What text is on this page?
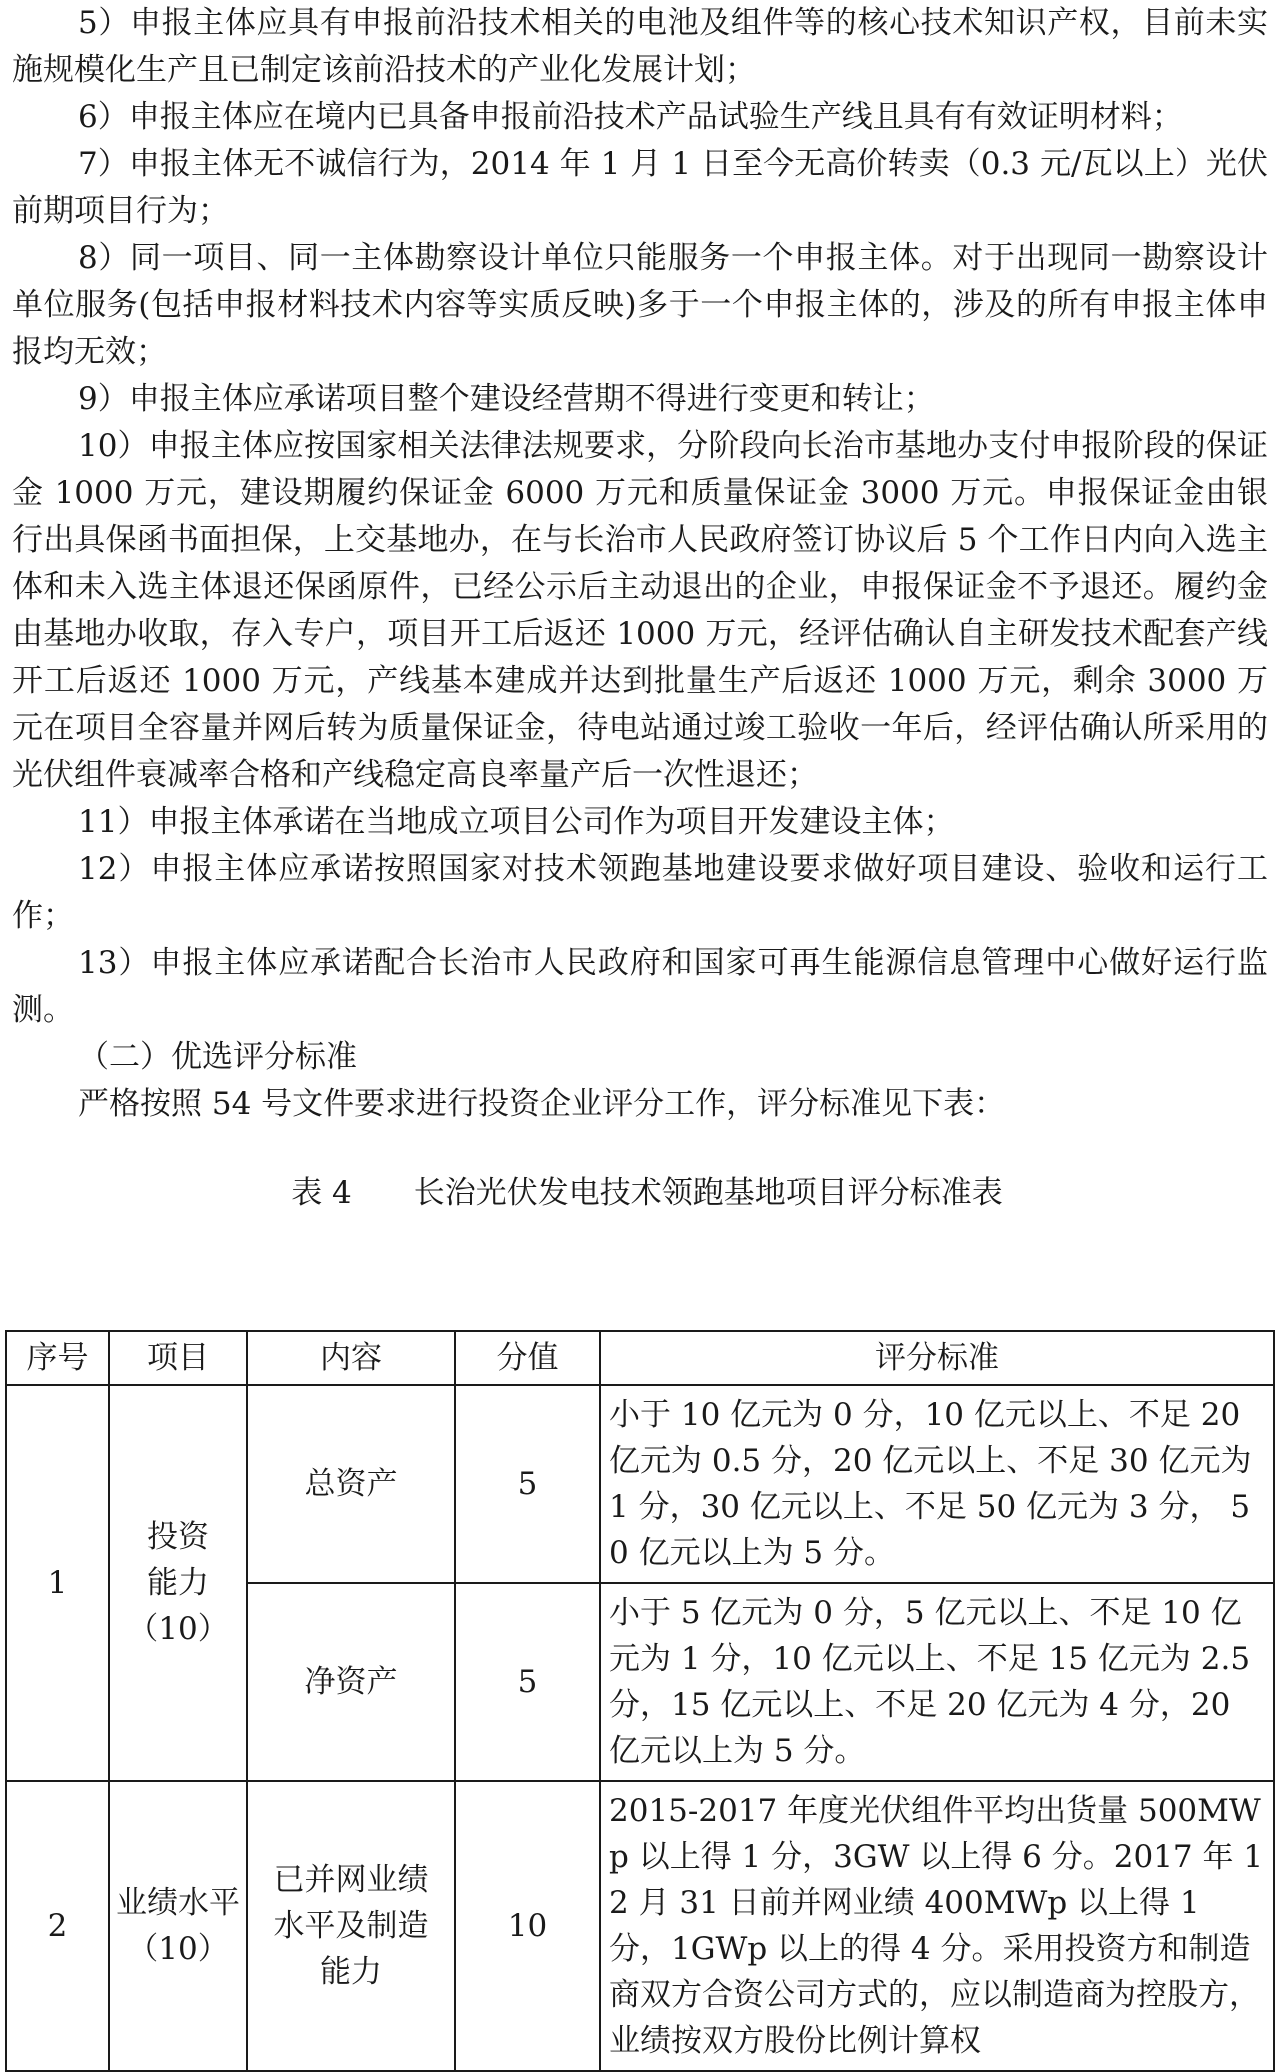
5）申报主体应具有申报前沿技术相关的电池及组件等的核心技术知识产权，目前未实施规模化生产且已制定该前沿技术的产业化发展计划；

6）申报主体应在境内已具备申报前沿技术产品试验生产线且具有有效证明材料；

7）申报主体无不诚信行为，2014 年 1 月 1 日至今无高价转卖（0.3 元/瓦以上）光伏前期项目行为；

8）同一项目、同一主体勘察设计单位只能服务一个申报主体。对于出现同一勘察设计单位服务(包括申报材料技术内容等实质反映)多于一个申报主体的，涉及的所有申报主体申报均无效；

9）申报主体应承诺项目整个建设经营期不得进行变更和转让；

10）申报主体应按国家相关法律法规要求，分阶段向长治市基地办支付申报阶段的保证金 1000 万元，建设期履约保证金 6000 万元和质量保证金 3000 万元。申报保证金由银行出具保函书面担保，上交基地办，在与长治市人民政府签订协议后 5 个工作日内向入选主体和未入选主体退还保函原件，已经公示后主动退出的企业，申报保证金不予退还。履约金由基地办收取，存入专户，项目开工后返还 1000 万元，经评估确认自主研发技术配套产线开工后返还 1000 万元，产线基本建成并达到批量生产后返还 1000 万元，剩余 3000 万元在项目全容量并网后转为质量保证金，待电站通过竣工验收一年后，经评估确认所采用的光伏组件衰减率合格和产线稳定高良率量产后一次性退还；

11）申报主体承诺在当地成立项目公司作为项目开发建设主体；

12）申报主体应承诺按照国家对技术领跑基地建设要求做好项目建设、验收和运行工作；

13）申报主体应承诺配合长治市人民政府和国家可再生能源信息管理中心做好运行监测。

（二）优选评分标准

严格按照 54 号文件要求进行投资企业评分工作，评分标准见下表：

表 4 长治光伏发电技术领跑基地项目评分标准表

序号	项目	内容	分值	评分标准
1	投资
能力
（10）	总资产	5	小于 10 亿元为 0 分，10 亿元以上、不足 20 亿元为 0.5 分，20 亿元以上、不足 30 亿元为 1 分，30 亿元以上、不足 50 亿元为 3 分， 50 亿元以上为 5 分。
		净资产	5	小于 5 亿元为 0 分，5 亿元以上、不足 10 亿元为 1 分，10 亿元以上、不足 15 亿元为 2.5 分，15 亿元以上、不足 20 亿元为 4 分，20 亿元以上为 5 分。
2	业绩水平
（10）	已并网业绩
水平及制造
能力	10	2015-2017 年度光伏组件平均出货量 500MWp 以上得 1 分，3GW 以上得 6 分。2017 年 12 月 31 日前并网业绩 400MWp 以上得 1 分，1GWp 以上的得 4 分。采用投资方和制造商双方合资公司方式的，应以制造商为控股方，业绩按双方股份比例计算权
